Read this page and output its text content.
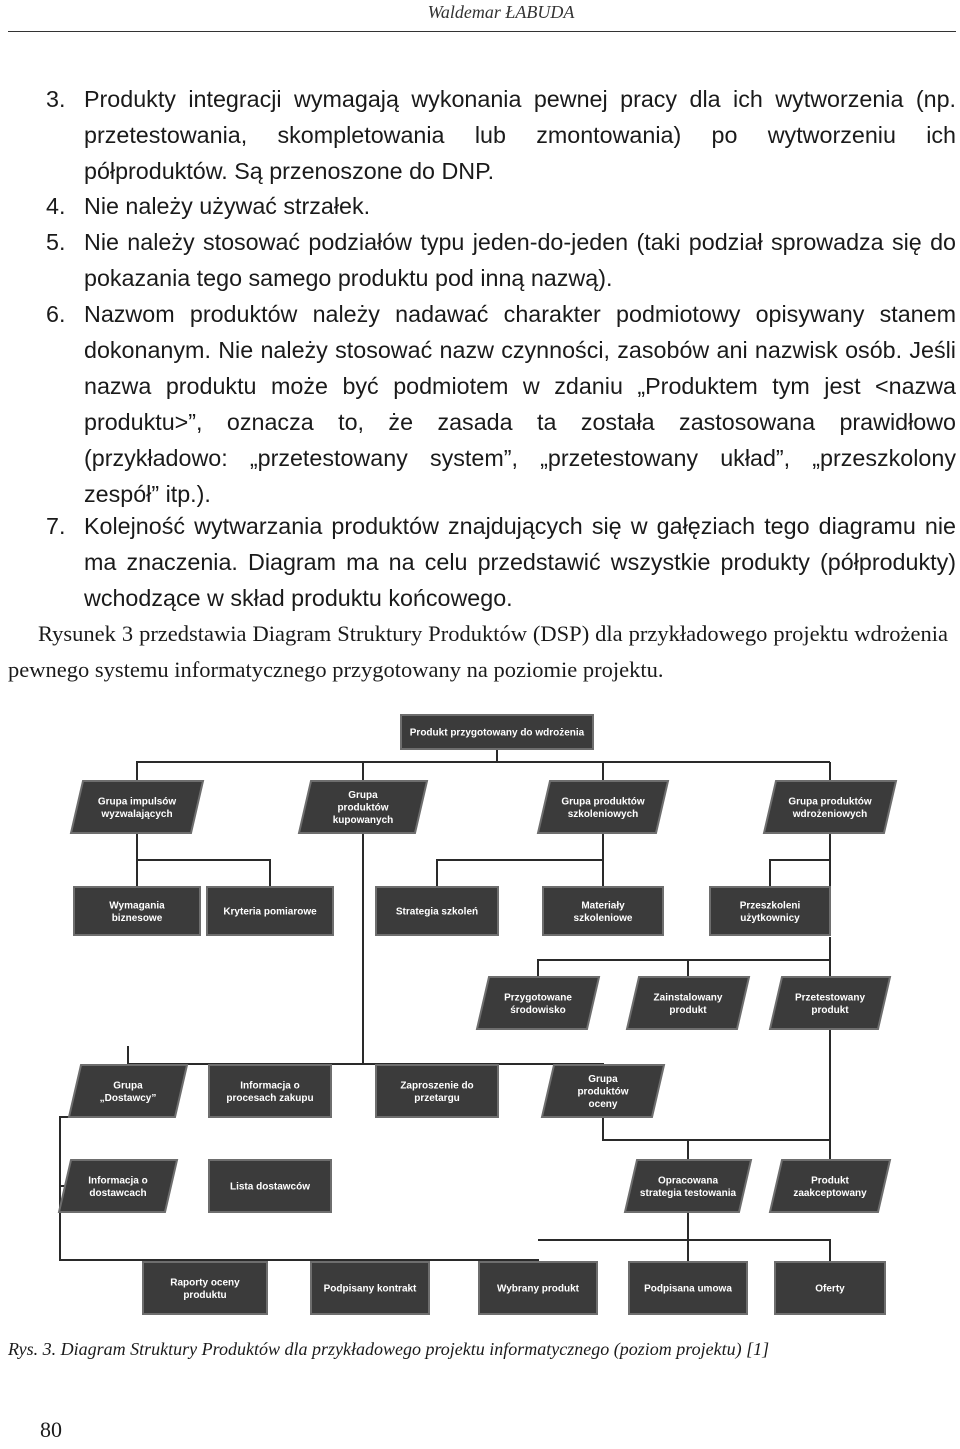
Waldemar ŁABUDA
3. Produkty integracji wymagają wykonania pewnej pracy dla ich wytworzenia (np. przetestowania, skompletowania lub zmontowania) po wytworzeniu ich półproduktów. Są przenoszone do DNP.
4. Nie należy używać strzałek.
5. Nie należy stosować podziałów typu jeden-do-jeden (taki podział sprowadza się do pokazania tego samego produktu pod inną nazwą).
6. Nazwom produktów należy nadawać charakter podmiotowy opisywany stanem dokonanym. Nie należy stosować nazw czynności, zasobów ani nazwisk osób. Jeśli nazwa produktu może być podmiotem w zdaniu „Produktem tym jest <nazwa produktu>”, oznacza to, że zasada ta została zastosowana prawidłowo (przykładowo: „przetestowany system”, „przetestowany układ”, „przeszkolony zespół” itp.).
7. Kolejność wytwarzania produktów znajdujących się w gałęziach tego diagramu nie ma znaczenia. Diagram ma na celu przedstawić wszystkie produkty (półprodukty) wchodzące w skład produktu końcowego.
Rysunek 3 przedstawia Diagram Struktury Produktów (DSP) dla przykładowego projektu wdrożenia pewnego systemu informatycznego przygotowany na poziomie projektu.
Produkt przygotowany do wdrożenia
Grupa impulsów
wyzwalających
Grupa
produktów
kupowanych
Grupa produktów
szkoleniowych
Grupa produktów
wdrożeniowych
Wymagania
biznesowe
Kryteria pomiarowe	Strategia szkoleń
Materiały
szkoleniowe
Przeszkoleni
użytkownicy
Przygotowane
środowisko
Zainstalowany
produkt
Przetestowany
produkt
Grupa
„Dostawcy”
Informacja o
procesach zakupu
Zaproszenie do
przetargu
Grupa
produktów
oceny
Informacja o
dostawcach
Lista dostawców
Opracowana
strategia testowania
Produkt
zaakceptowany
Raporty oceny
produktu
Podpisany kontrakt	Wybrany produkt	Podpisana umowa	Oferty
Rys. 3. Diagram Struktury Produktów dla przykładowego projektu informatycznego (poziom projektu) [1]
80
